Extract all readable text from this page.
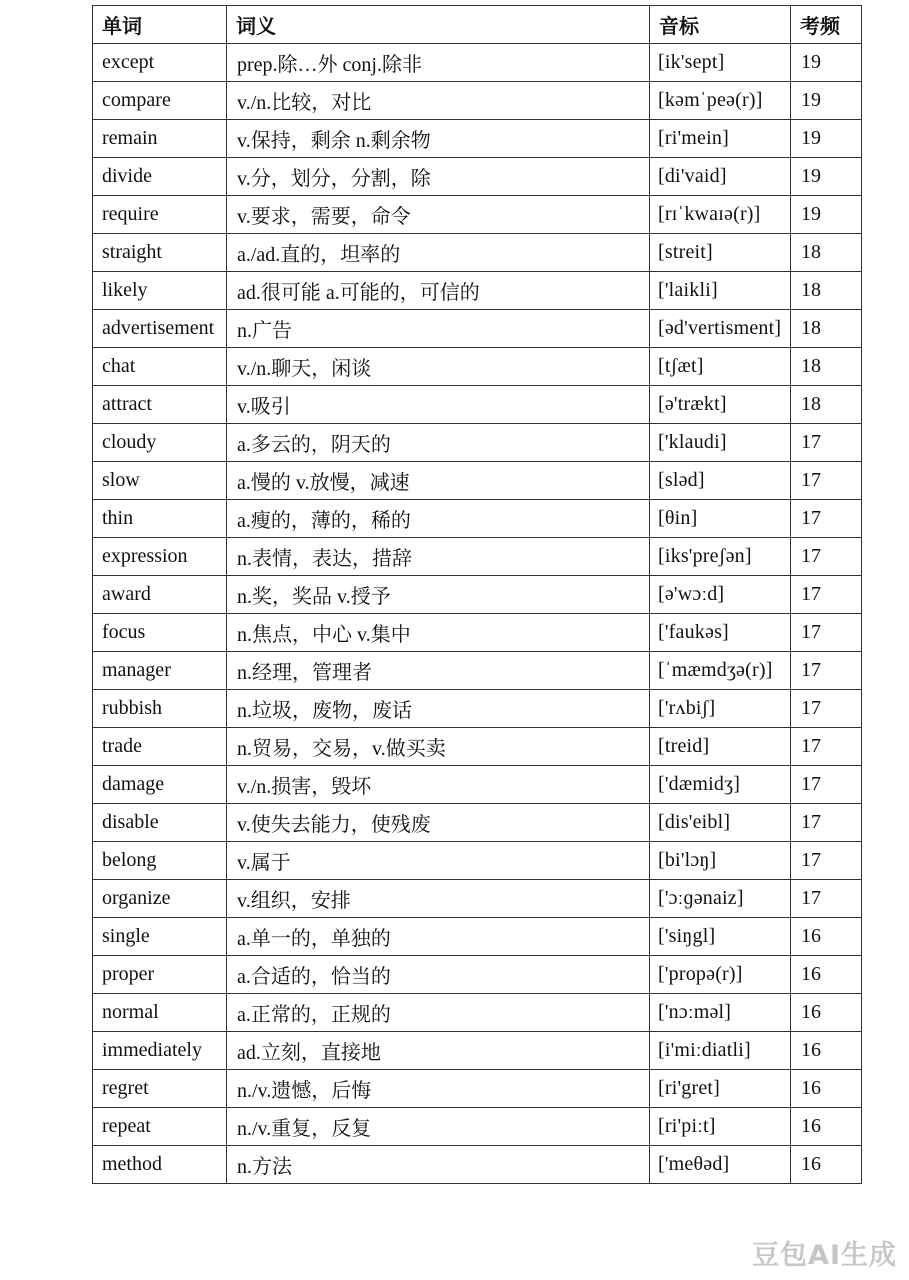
单词	词义	音标	考频
except	prep.除…外 conj.除非	[ik'sept]	19
compare	v./n.比较，对比	[kəmˈpeə(r)]	19
remain	v.保持，剩余 n.剩余物	[ri'mein]	19
divide	v.分，划分，分割，除	[di'vaid]	19
require	v.要求，需要，命令	[rɪˈkwaɪə(r)]	19
straight	a./ad.直的，坦率的	[streit]	18
likely	ad.很可能 a.可能的，可信的	['laikli]	18
advertisement	n.广告	[əd'vertisment]	18
chat	v./n.聊天，闲谈	[tʃæt]	18
attract	v.吸引	[ə'trækt]	18
cloudy	a.多云的，阴天的	['klaudi]	17
slow	a.慢的 v.放慢，减速	[sləd]	17
thin	a.瘦的，薄的，稀的	[θin]	17
expression	n.表情，表达，措辞	[iks'preʃən]	17
award	n.奖，奖品 v.授予	[ə'wɔːd]	17
focus	n.焦点，中心 v.集中	['faukəs]	17
manager	n.经理，管理者	[ˈmæmdʒə(r)]	17
rubbish	n.垃圾，废物，废话	['rʌbiʃ]	17
trade	n.贸易，交易，v.做买卖	[treid]	17
damage	v./n.损害，毁坏	['dæmidʒ]	17
disable	v.使失去能力，使残废	[dis'eibl]	17
belong	v.属于	[bi'lɔŋ]	17
organize	v.组织，安排	['ɔːɡənaiz]	17
single	a.单一的，单独的	['siŋgl]	16
proper	a.合适的，恰当的	['propə(r)]	16
normal	a.正常的，正规的	['nɔːməl]	16
immediately	ad.立刻，直接地	[i'miːdiatli]	16
regret	n./v.遗憾，后悔	[ri'gret]	16
repeat	n./v.重复，反复	[ri'piːt]	16
method	n.方法	['meθəd]	16
豆包AI生成
